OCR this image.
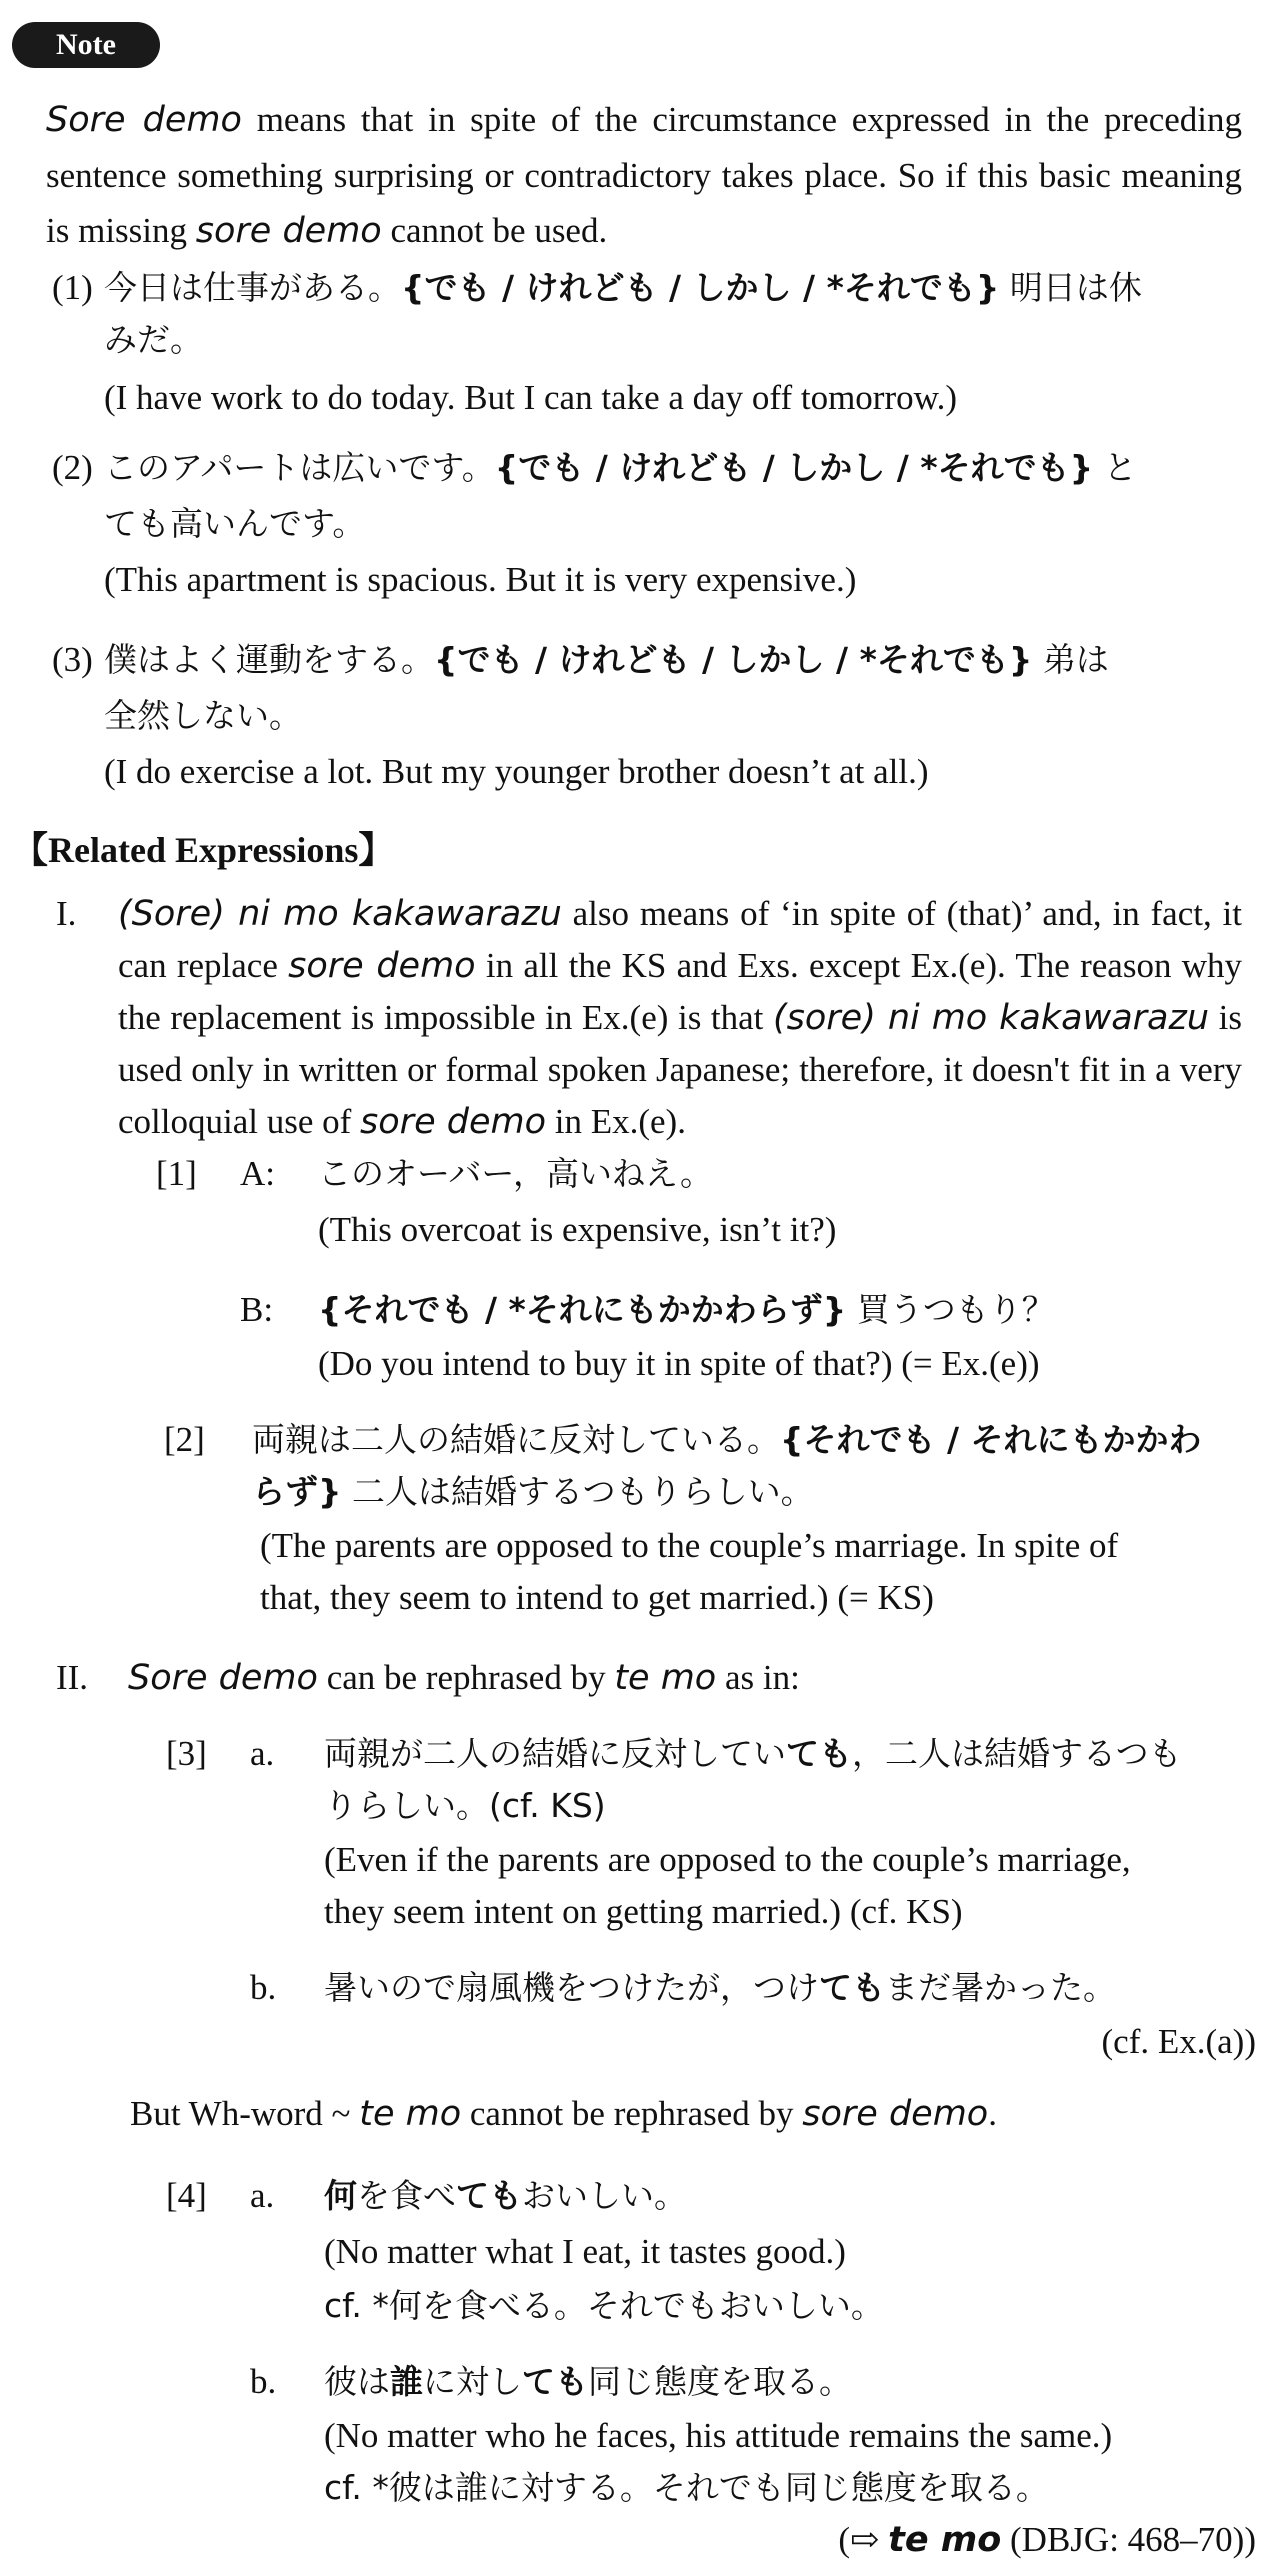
Note
Sore demo means that in spite of the circumstance expressed in the preceding sentence something surprising or contradictory takes place. So if this basic meaning is missing sore demo cannot be used.
(1) 今日は仕事がある。{でも / けれども / しかし / *それでも} 明日は休
みだ。
(I have work to do today. But I can take a day off tomorrow.)
(2) このアパートは広いです。{でも / けれども / しかし / *それでも} と
ても高いんです。
(This apartment is spacious. But it is very expensive.)
(3) 僕はよく運動をする。{でも / けれども / しかし / *それでも} 弟は
全然しない。
(I do exercise a lot. But my younger brother doesn’t at all.)
【Related Expressions】
I. (Sore) ni mo kakawarazu also means of ‘in spite of (that)’ and, in fact, it can replace sore demo in all the KS and Exs. except Ex.(e). The reason why the replacement is impossible in Ex.(e) is that (sore) ni mo kakawarazu is used only in written or formal spoken Japanese; therefore, it doesn't fit in a very colloquial use of sore demo in Ex.(e).
[1] A: このオーバー，高いねえ。
(This overcoat is expensive, isn’t it?)
B: {それでも / *それにもかかわらず} 買うつもり？
(Do you intend to buy it in spite of that?) (= Ex.(e))
[2] 両親は二人の結婚に反対している。{それでも / それにもかかわ
らず} 二人は結婚するつもりらしい。
(The parents are opposed to the couple’s marriage. In spite of
that, they seem to intend to get married.) (= KS)
II. Sore demo can be rephrased by te mo as in:
[3] a. 両親が二人の結婚に反対していても，二人は結婚するつも
りらしい。(cf. KS)
(Even if the parents are opposed to the couple’s marriage,
they seem intent on getting married.) (cf. KS)
b. 暑いので扇風機をつけたが，つけてもまだ暑かった。
(cf. Ex.(a))
But Wh-word ~ te mo cannot be rephrased by sore demo.
[4] a. 何を食べてもおいしい。
(No matter what I eat, it tastes good.)
cf. *何を食べる。それでもおいしい。
b. 彼は誰に対しても同じ態度を取る。
(No matter who he faces, his attitude remains the same.)
cf. *彼は誰に対する。それでも同じ態度を取る。
(⇨ te mo (DBJG: 468–70))
